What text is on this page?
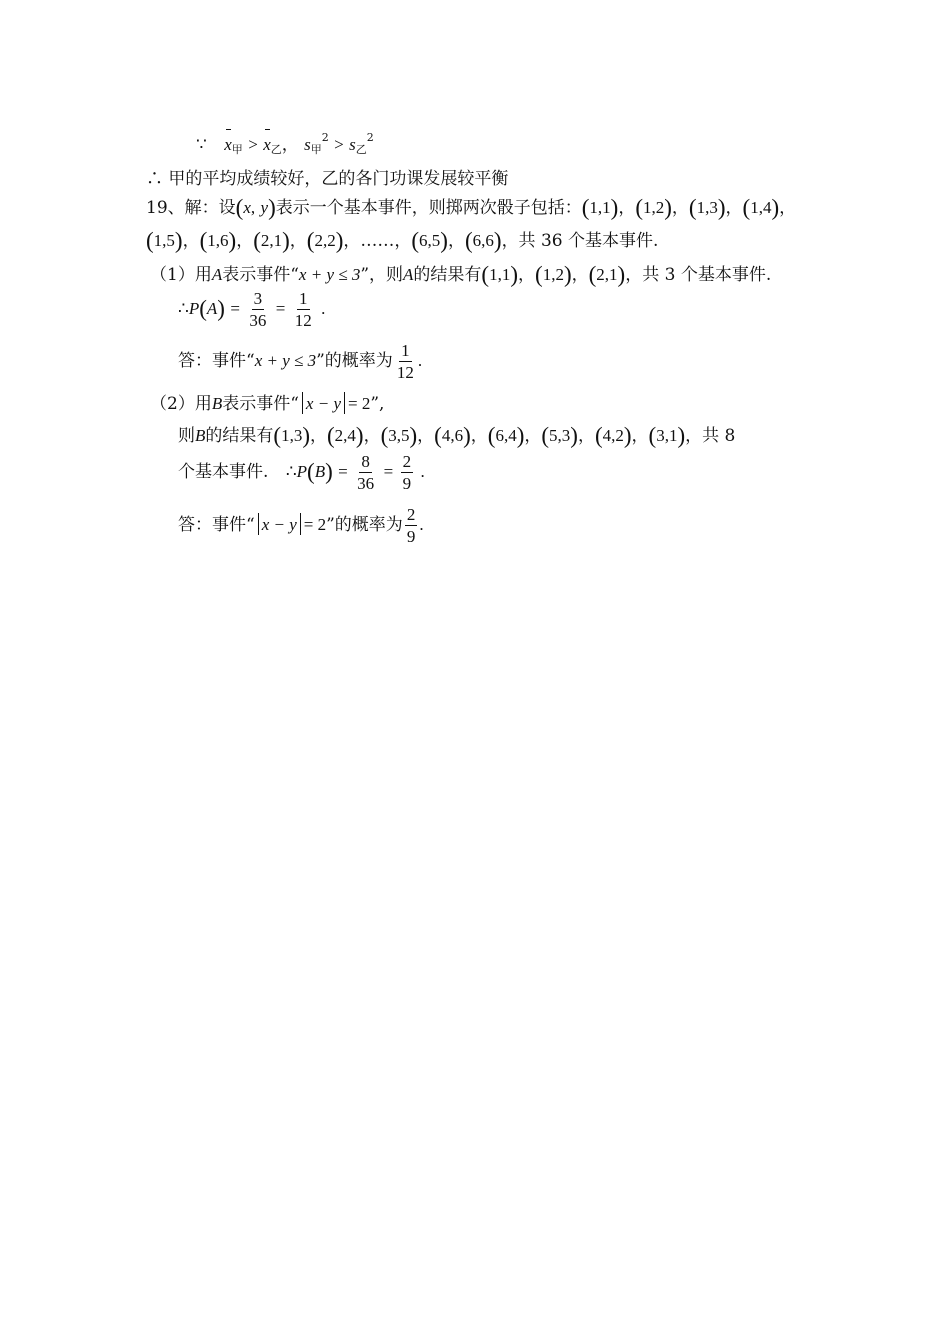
∵ $x_甲 > x_乙$， $s_甲^2 > s_乙^2$
∴ 甲的平均成绩较好，乙的各门功课发展较平衡
19、解：设(x, y)表示一个基本事件，则掷两次骰子包括：(1,1)，(1,2)，(1,3)，(1,4)，
(1,5)，(1,6)，(2,1)，(2,2)，……，(6,5)，(6,6)，共 36 个基本事件.
（1）用A表示事件“x + y ≤ 3”，则A的结果有(1,1)，(1,2)，(2,1)，共 3 个基本事件.
∴P(A) = $\frac{3}{36} = \frac{1}{12}$ .
答：事件“x + y ≤ 3”的概率为 $\frac{1}{12}$ .
（2）用B表示事件“ x − y = 2”,
则B的结果有(1,3)，(2,4)，(3,5)，(4,6)，(6,4)，(5,3)，(4,2)，(3,1)，共 8
个基本事件. ∴P(B) = $\frac{8}{36} = \frac{2}{9}$ .
答：事件“ x − y = 2”的概率为 $\frac{2}{9}$ .
